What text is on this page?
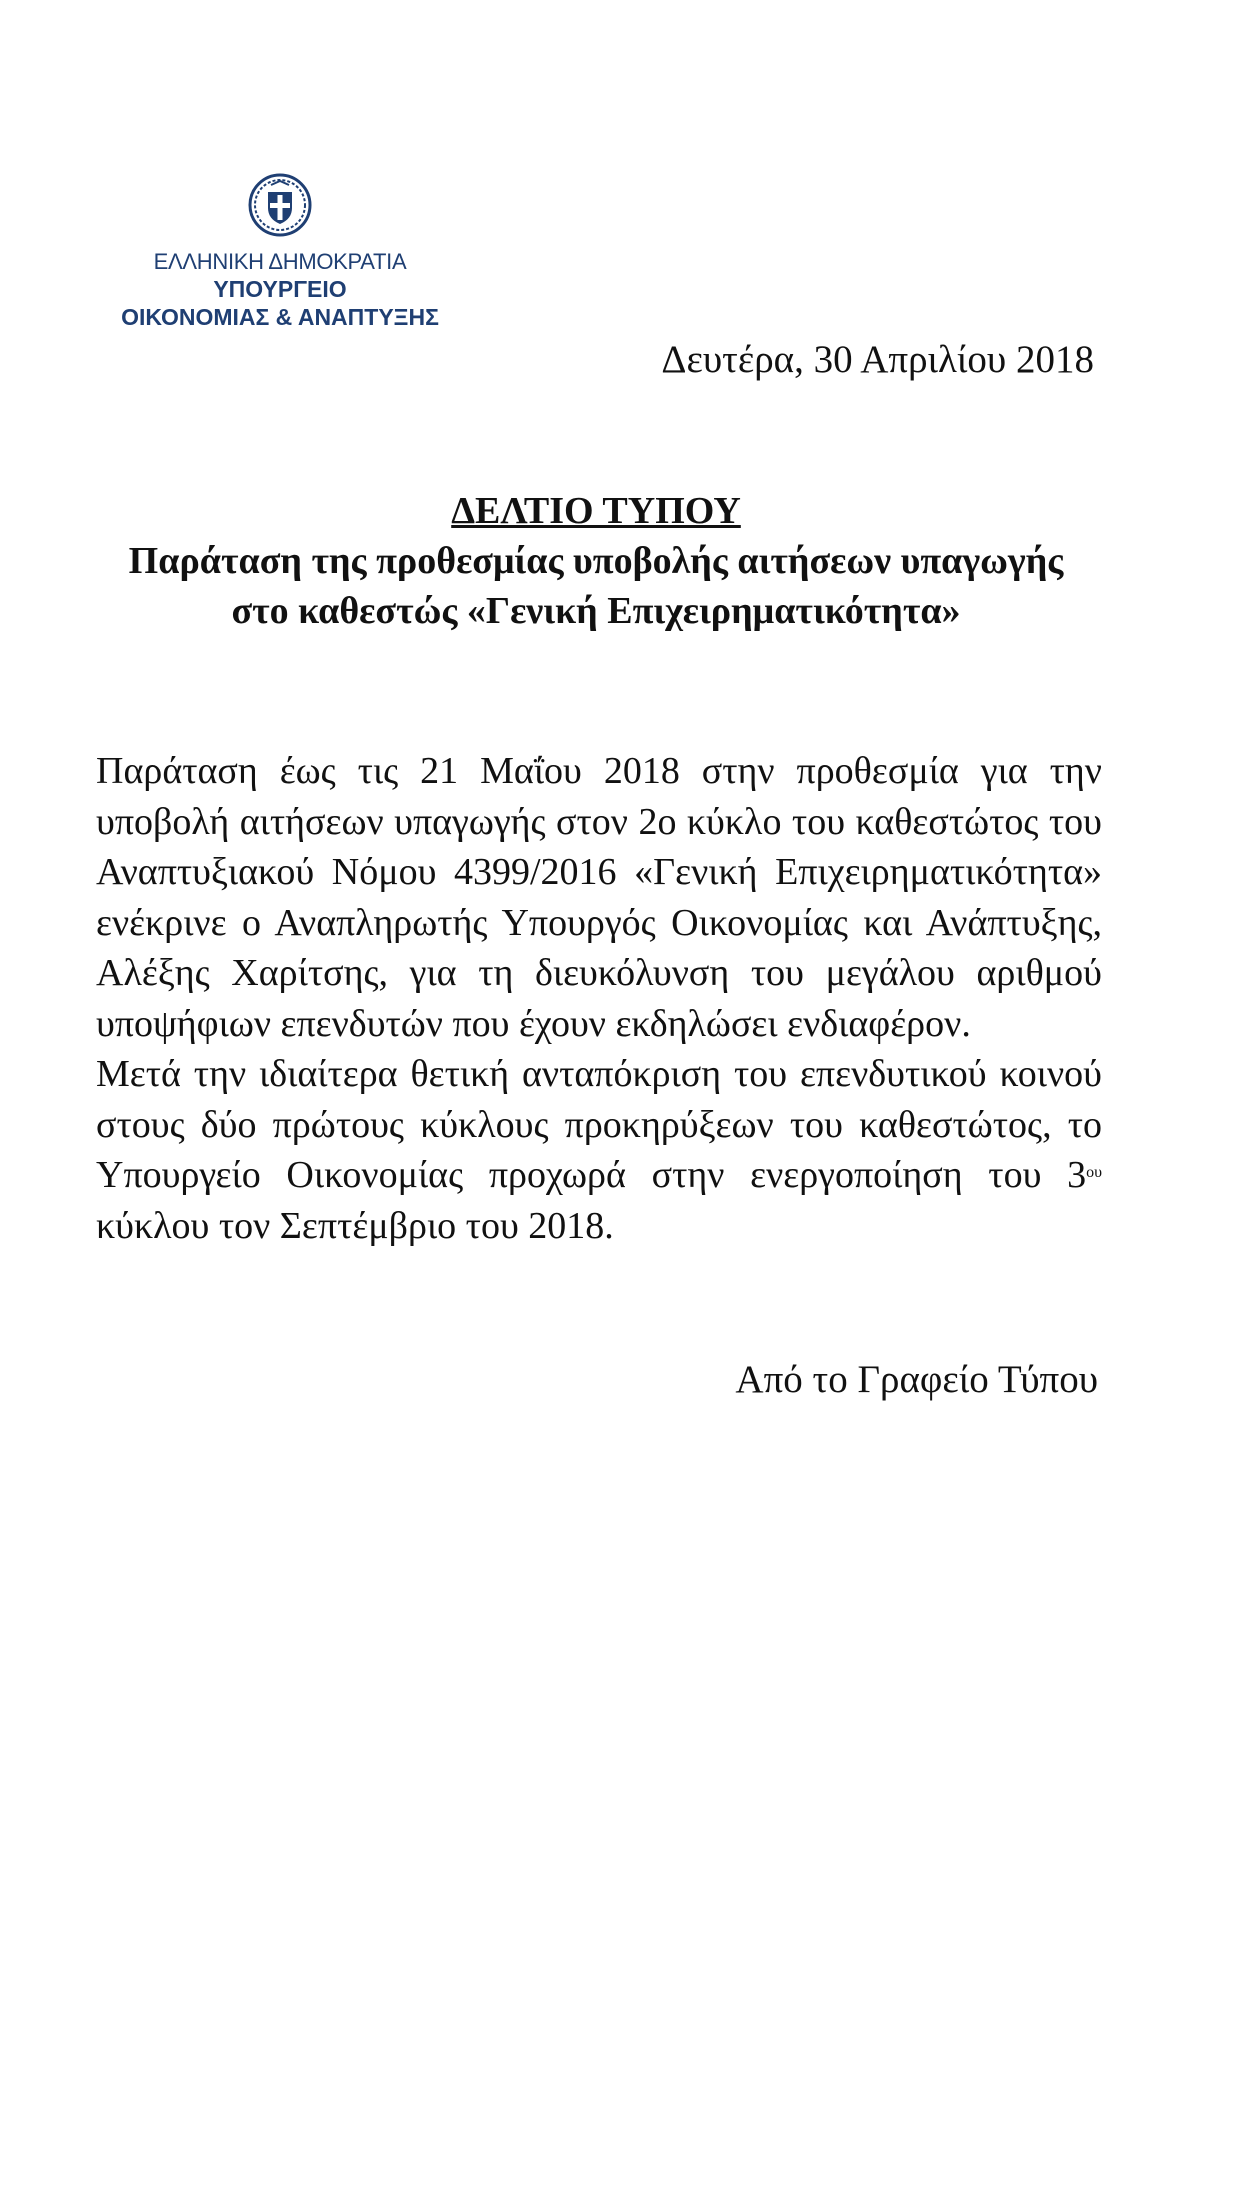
ΕΛΛΗΝΙΚΗ ΔΗΜΟΚΡΑΤΙΑ
ΥΠΟΥΡΓΕΙΟ
ΟΙΚΟΝΟΜΙΑΣ & ΑΝΑΠΤΥΞΗΣ
Δευτέρα, 30 Απριλίου 2018
ΔΕΛΤΙΟ ΤΥΠΟΥ
Παράταση της προθεσμίας υποβολής αιτήσεων υπαγωγής
στο καθεστώς «Γενική Επιχειρηματικότητα»

Παράταση έως τις 21 Μαΐου 2018 στην προθεσμία για την υποβολή αιτήσεων υπαγωγής στον 2ο κύκλο του καθεστώτος του Αναπτυξιακού Νόμου 4399/2016 «Γενική Επιχειρηματικότητα» ενέκρινε ο Αναπληρωτής Υπουργός Οικονομίας και Ανάπτυξης, Αλέξης Χαρίτσης, για τη διευκόλυνση του μεγάλου αριθμού υποψήφιων επενδυτών που έχουν εκδηλώσει ενδιαφέρον.

Μετά την ιδιαίτερα θετική ανταπόκριση του επενδυτικού κοινού στους δύο πρώτους κύκλους προκηρύξεων του καθεστώτος, το Υπουργείο Οικονομίας προχωρά στην ενεργοποίηση του $3^{o\upsilon}$ κύκλου τον Σεπτέμβριο του 2018.

Από το Γραφείο Τύπου
